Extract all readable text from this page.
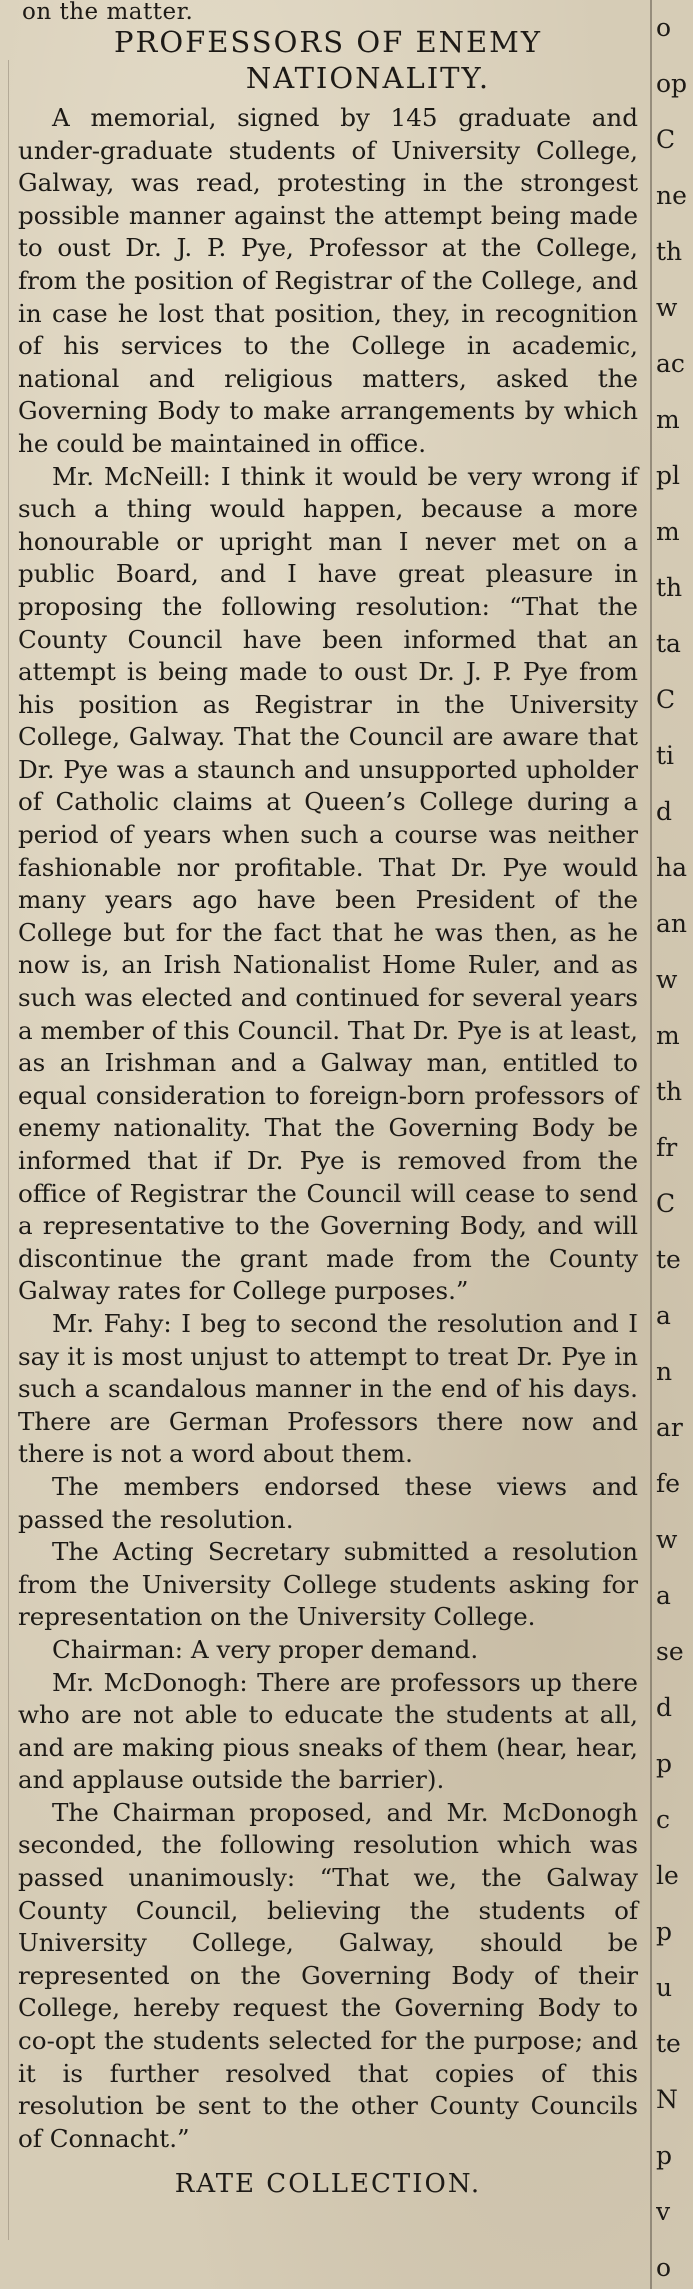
on the matter.
PROFESSORS OF ENEMY
NATIONALITY.

A memorial, signed by 145 graduate and under-graduate students of University College, Galway, was read, protesting in the strongest possible manner against the attempt being made to oust Dr. J. P. Pye, Professor at the College, from the position of Registrar of the College, and in case he lost that position, they, in recognition of his services to the College in academic, national and religious matters, asked the Governing Body to make arrangements by which he could be maintained in office.

Mr. McNeill: I think it would be very wrong if such a thing would happen, because a more honourable or upright man I never met on a public Board, and I have great pleasure in proposing the following resolution: “That the County Council have been informed that an attempt is being made to oust Dr. J. P. Pye from his position as Registrar in the University College, Galway. That the Council are aware that Dr. Pye was a staunch and unsupported upholder of Catholic claims at Queen’s College during a period of years when such a course was neither fashionable nor profitable. That Dr. Pye would many years ago have been President of the College but for the fact that he was then, as he now is, an Irish Nationalist Home Ruler, and as such was elected and continued for several years a member of this Council. That Dr. Pye is at least, as an Irishman and a Galway man, entitled to equal consideration to foreign-born professors of enemy nationality. That the Governing Body be informed that if Dr. Pye is removed from the office of Registrar the Council will cease to send a representative to the Governing Body, and will discontinue the grant made from the County Galway rates for College purposes.”

Mr. Fahy: I beg to second the resolution and I say it is most unjust to attempt to treat Dr. Pye in such a scandalous manner in the end of his days. There are German Professors there now and there is not a word about them.

The members endorsed these views and passed the resolution.

The Acting Secretary submitted a resolution from the University College students asking for representation on the University College.

Chairman: A very proper demand.

Mr. McDonogh: There are professors up there who are not able to educate the students at all, and are making pious sneaks of them (hear, hear, and applause outside the barrier).

The Chairman proposed, and Mr. McDonogh seconded, the following resolution which was passed unanimously: “That we, the Galway County Council, believing the students of University College, Galway, should be represented on the Governing Body of their College, hereby request the Governing Body to co-opt the students selected for the purpose; and it is further resolved that copies of this resolution be sent to the other County Councils of Connacht.”

RATE COLLECTION.
o
op
C
ne
th
w
ac
m
pl
m
th
ta
C
ti
d
ha
an
w
m
th
fr
C
te
a
n
ar
fe
w
a
se
d
p
c
le
p
u
te
N
p
v
o
